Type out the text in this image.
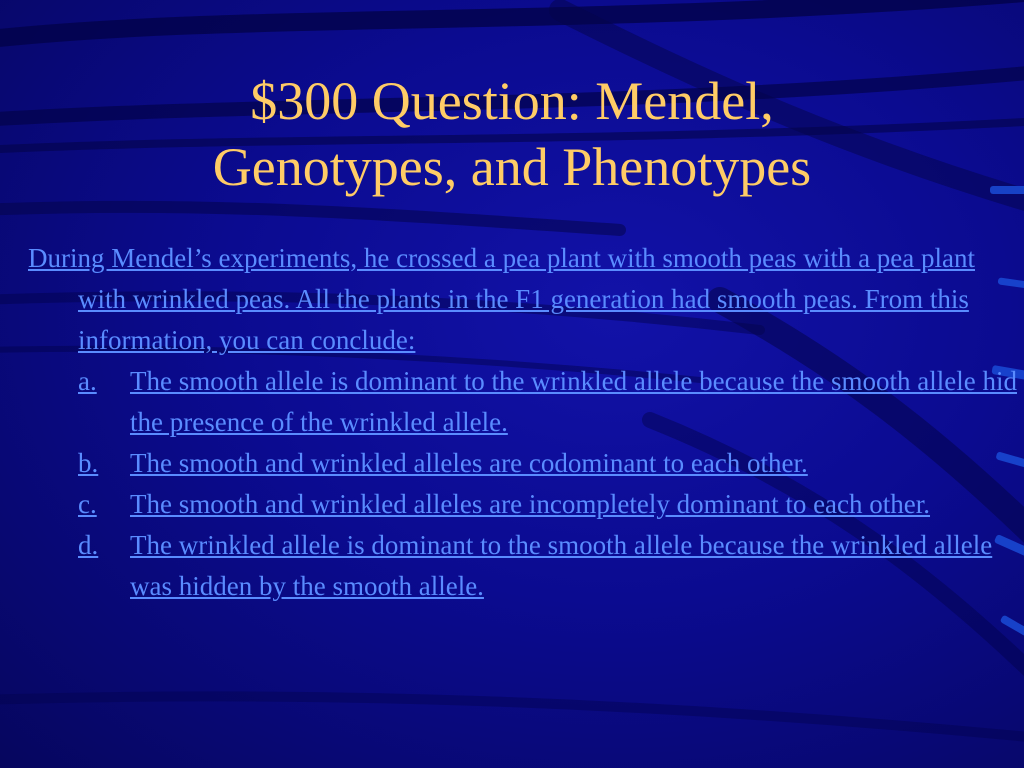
$300 Question: Mendel,
Genotypes, and Phenotypes

During Mendel’s experiments, he crossed a pea plant with smooth peas with a pea plant with wrinkled peas. All the plants in the F1 generation had smooth peas. From this information, you can conclude:

a. The smooth allele is dominant to the wrinkled allele because the smooth allele hid the presence of the wrinkled allele.

b. The smooth and wrinkled alleles are codominant to each other.

c. The smooth and wrinkled alleles are incompletely dominant to each other.

d. The wrinkled allele is dominant to the smooth allele because the wrinkled allele was hidden by the smooth allele.
